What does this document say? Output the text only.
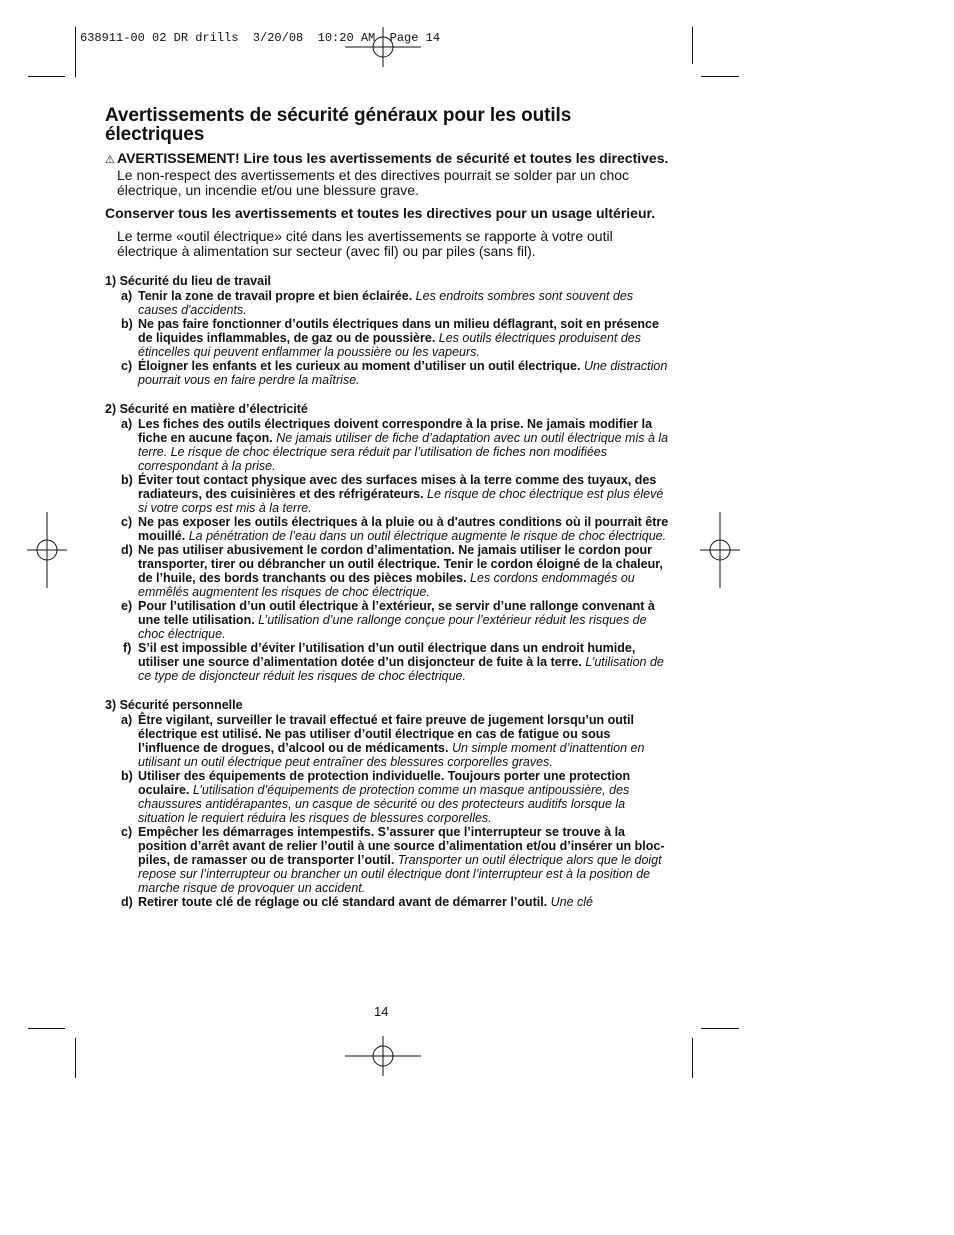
638911-00 02 DR drills  3/20/08  10:20 AM  Page 14
Avertissements de sécurité généraux pour les outils électriques

⚠ AVERTISSEMENT! Lire tous les avertissements de sécurité et toutes les directives. Le non-respect des avertissements et des directives pourrait se solder par un choc électrique, un incendie et/ou une blessure grave.

Conserver tous les avertissements et toutes les directives pour un usage ultérieur.

Le terme «outil électrique» cité dans les avertissements se rapporte à votre outil électrique à alimentation sur secteur (avec fil) ou par piles (sans fil).

1) Sécurité du lieu de travail
a) Tenir la zone de travail propre et bien éclairée. Les endroits sombres sont souvent des causes d'accidents.
b) Ne pas faire fonctionner d’outils électriques dans un milieu déflagrant, soit en présence de liquides inflammables, de gaz ou de poussière. Les outils électriques produisent des étincelles qui peuvent enflammer la poussière ou les vapeurs.
c) Éloigner les enfants et les curieux au moment d’utiliser un outil électrique. Une distraction pourrait vous en faire perdre la maîtrise.
2) Sécurité en matière d’électricité
a) Les fiches des outils électriques doivent correspondre à la prise. Ne jamais modifier la fiche en aucune façon. Ne jamais utiliser de fiche d’adaptation avec un outil électrique mis à la terre. Le risque de choc électrique sera réduit par l’utilisation de fiches non modifiées correspondant à la prise.
b) Éviter tout contact physique avec des surfaces mises à la terre comme des tuyaux, des radiateurs, des cuisinières et des réfrigérateurs. Le risque de choc électrique est plus élevé si votre corps est mis à la terre.
c) Ne pas exposer les outils électriques à la pluie ou à d'autres conditions où il pourrait être mouillé. La pénétration de l’eau dans un outil électrique augmente le risque de choc électrique.
d) Ne pas utiliser abusivement le cordon d’alimentation. Ne jamais utiliser le cordon pour transporter, tirer ou débrancher un outil électrique. Tenir le cordon éloigné de la chaleur, de l’huile, des bords tranchants ou des pièces mobiles. Les cordons endommagés ou emmêlés augmentent les risques de choc électrique.
e) Pour l’utilisation d’un outil électrique à l’extérieur, se servir d’une rallonge convenant à une telle utilisation. L’utilisation d’une rallonge conçue pour l’extérieur réduit les risques de choc électrique.
f) S’il est impossible d’éviter l’utilisation d’un outil électrique dans un endroit humide, utiliser une source d’alimentation dotée d’un disjoncteur de fuite à la terre. L’utilisation de ce type de disjoncteur réduit les risques de choc électrique.
3) Sécurité personnelle
a) Être vigilant, surveiller le travail effectué et faire preuve de jugement lorsqu’un outil électrique est utilisé. Ne pas utiliser d’outil électrique en cas de fatigue ou sous l’influence de drogues, d’alcool ou de médicaments. Un simple moment d’inattention en utilisant un outil électrique peut entraîner des blessures corporelles graves.
b) Utiliser des équipements de protection individuelle. Toujours porter une protection oculaire. L’utilisation d’équipements de protection comme un masque antipoussière, des chaussures antidérapantes, un casque de sécurité ou des protecteurs auditifs lorsque la situation le requiert réduira les risques de blessures corporelles.
c) Empêcher les démarrages intempestifs. S’assurer que l’interrupteur se trouve à la position d’arrêt avant de relier l’outil à une source d’alimentation et/ou d’insérer un bloc-piles, de ramasser ou de transporter l’outil. Transporter un outil électrique alors que le doigt repose sur l’interrupteur ou brancher un outil électrique dont l’interrupteur est à la position de marche risque de provoquer un accident.
d) Retirer toute clé de réglage ou clé standard avant de démarrer l’outil. Une clé
14
